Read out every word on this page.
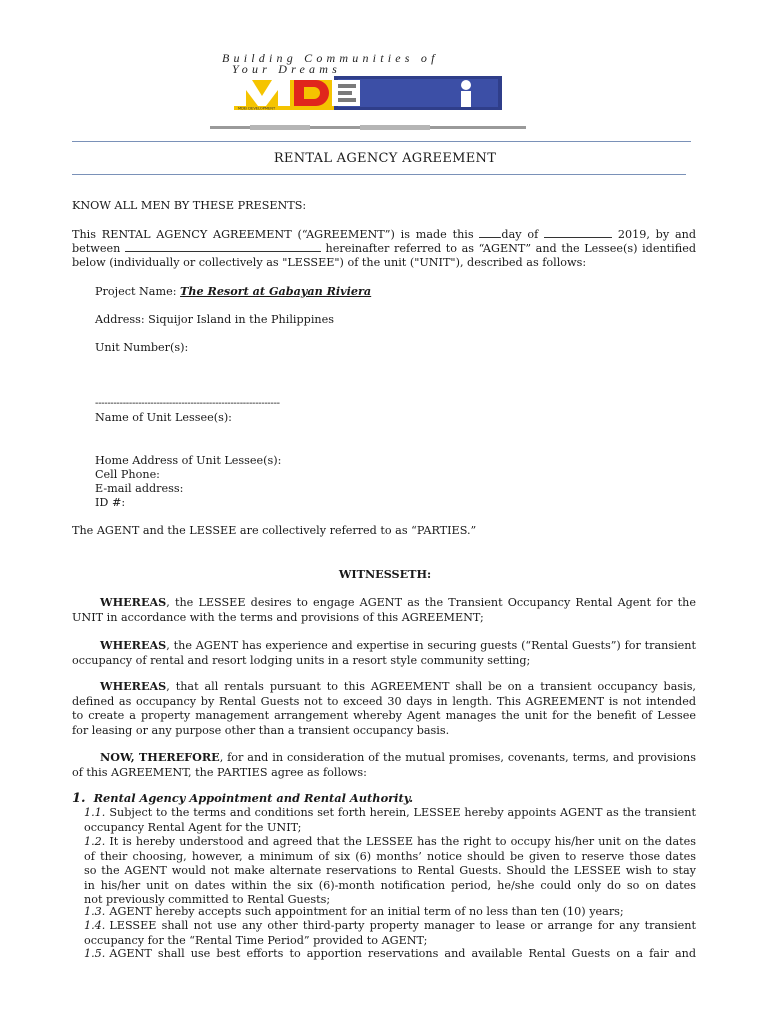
Building Communities of
Your Dreams
MDEi DEVELOPMENT
RENTAL AGENCY AGREEMENT
KNOW ALL MEN BY THESE PRESENTS:
This RENTAL AGENCY AGREEMENT (“AGREEMENT”) is made this day of	2019, by and
between	hereinafter referred to as “AGENT” and the Lessee(s) identified
below (individually or collectively as "LESSEE") of the unit ("UNIT"), described as follows:
Project Name: The Resort at Gabayan Riviera
Address: Siquijor Island in the Philippines
Unit Number(s):
------------------------------------------------------------
Name of Unit Lessee(s):
Home Address of Unit Lessee(s):
Cell Phone:
E-mail address:
ID #:
The AGENT and the LESSEE are collectively referred to as “PARTIES.”
WITNESSETH:
WHEREAS, the LESSEE desires to engage AGENT as the Transient Occupancy Rental Agent for the
UNIT in accordance with the terms and provisions of this AGREEMENT;
WHEREAS, the AGENT has experience and expertise in securing guests (“Rental Guests”) for transient
occupancy of rental and resort lodging units in a resort style community setting;
WHEREAS, that all rentals pursuant to this AGREEMENT shall be on a transient occupancy basis,
defined as occupancy by Rental Guests not to exceed 30 days in length. This AGREEMENT is not intended
to create a property management arrangement whereby Agent manages the unit for the benefit of Lessee
for leasing or any purpose other than a transient occupancy basis.
NOW, THEREFORE, for and in consideration of the mutual promises, covenants, terms, and provisions
of this AGREEMENT, the PARTIES agree as follows:
1. Rental Agency Appointment and Rental Authority.
1.1. Subject to the terms and conditions set forth herein, LESSEE hereby appoints AGENT as the transient
occupancy Rental Agent for the UNIT;
1.2. It is hereby understood and agreed that the LESSEE has the right to occupy his/her unit on the dates
of their choosing, however, a minimum of six (6) months’ notice should be given to reserve those dates
so the AGENT would not make alternate reservations to Rental Guests. Should the LESSEE wish to stay
in his/her unit on dates within the six (6)-month notification period, he/she could only do so on dates
not previously committed to Rental Guests;
1.3. AGENT hereby accepts such appointment for an initial term of no less than ten (10) years;
1.4. LESSEE shall not use any other third-party property manager to lease or arrange for any transient
occupancy for the “Rental Time Period” provided to AGENT;
1.5. AGENT shall use best efforts to apportion reservations and available Rental Guests on a fair and
